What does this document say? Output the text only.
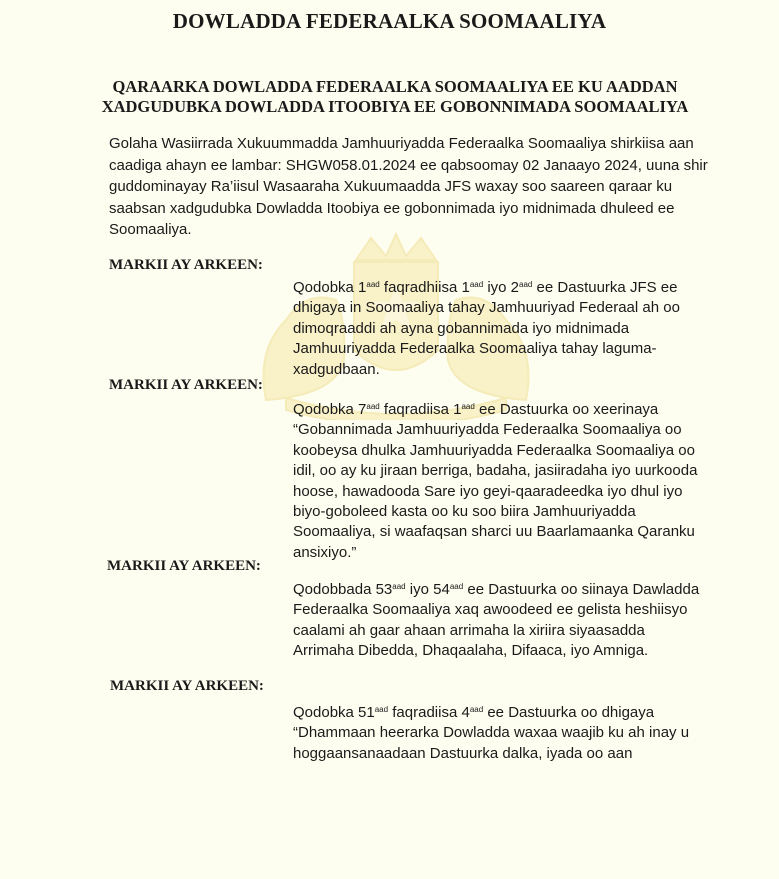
DOWLADDA FEDERAALKA SOOMAALIYA
QARAARKA DOWLADDA FEDERAALKA SOOMAALIYA EE KU AADDAN
XADGUDUBKA DOWLADDA ITOOBIYA EE GOBONNIMADA SOOMAALIYA
Golaha Wasiirrada Xukuummadda Jamhuuriyadda Federaalka Soomaaliya shirkiisa aan caadiga ahayn ee lambar: SHGW058.01.2024 ee qabsoomay 02 Janaayo 2024, uuna shir guddominayay Ra’iisul Wasaaraha Xukuumaadda JFS waxay soo saareen qaraar ku saabsan xadgudubka Dowladda Itoobiya ee gobonnimada iyo midnimada dhuleed ee Soomaaliya.
MARKII AY ARKEEN:
Qodobka $1^{aad}$ faqradhiisa $1^{aad}$ iyo $2^{aad}$ ee Dastuurka JFS ee dhigaya in Soomaaliya tahay Jamhuuriyad Federaal ah oo dimoqraaddi ah ayna gobannimada iyo midnimada Jamhuuriyadda Federaalka Soomaaliya tahay laguma-xadgudbaan.
MARKII AY ARKEEN:
Qodobka $7^{aad}$ faqradiisa $1^{aad}$ ee Dastuurka oo xeerinaya “Gobannimada Jamhuuriyadda Federaalka Soomaaliya oo koobeysa dhulka Jamhuuriyadda Federaalka Soomaaliya oo idil, oo ay ku jiraan berriga, badaha, jasiiradaha iyo uurkooda hoose, hawadooda Sare iyo geyi-qaaradeedka iyo dhul iyo biyo-goboleed kasta oo ku soo biira Jamhuuriyadda Soomaaliya, si waafaqsan sharci uu Baarlamaanka Qaranku ansixiyo.”
MARKII AY ARKEEN:
Qodobbada $53^{aad}$ iyo $54^{aad}$ ee Dastuurka oo siinaya Dawladda Federaalka Soomaaliya xaq awoodeed ee gelista heshiisyo caalami ah gaar ahaan arrimaha la xiriira siyaasadda Arrimaha Dibedda, Dhaqaalaha, Difaaca, iyo Amniga.
MARKII AY ARKEEN:
Qodobka $51^{aad}$ faqradiisa $4^{aad}$ ee Dastuurka oo dhigaya “Dhammaan heerarka Dowladda waxaa waajib ku ah inay u hoggaansanaadaan Dastuurka dalka, iyada oo aan
